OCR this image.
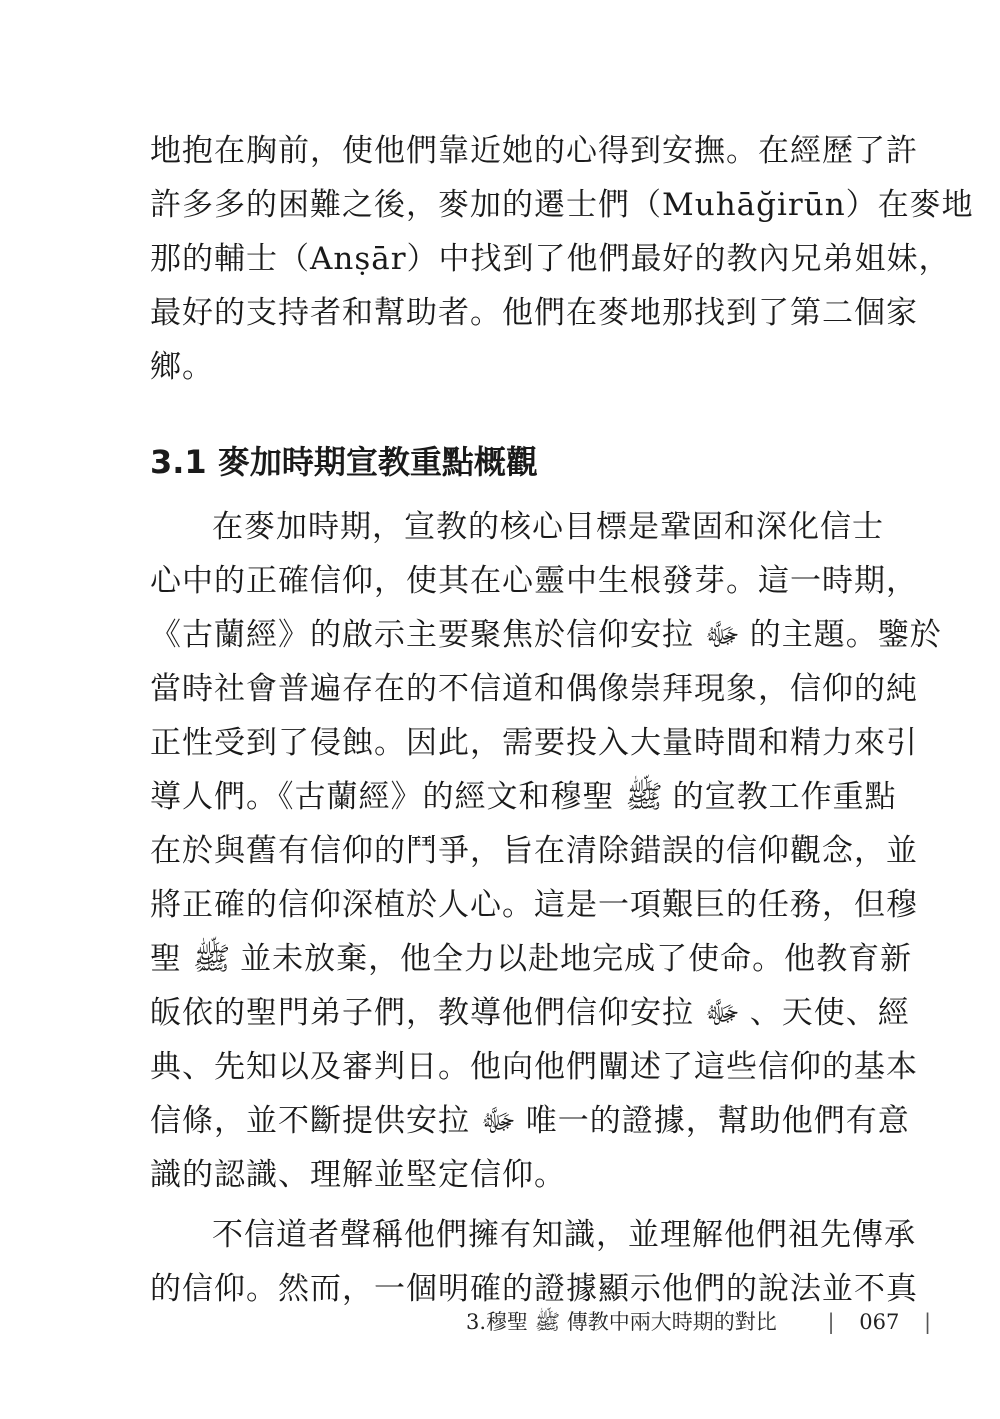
地抱在胸前，使他們靠近她的心得到安撫。在經歷了許
許多多的困難之後，麥加的遷士們（Muhāğirūn）在麥地
那的輔士（Anṣār）中找到了他們最好的教內兄弟姐妹，
最好的支持者和幫助者。他們在麥地那找到了第二個家
鄉。
3.1 麥加時期宣教重點概觀
在麥加時期，宣教的核心目標是鞏固和深化信士
心中的正確信仰，使其在心靈中生根發芽。這一時期，
《古蘭經》的啟示主要聚焦於信仰安拉 ﷻ 的主題。鑒於
當時社會普遍存在的不信道和偶像崇拜現象，信仰的純
正性受到了侵蝕。因此，需要投入大量時間和精力來引
導人們。《古蘭經》的經文和穆聖 ﷺ 的宣教工作重點
在於與舊有信仰的鬥爭，旨在清除錯誤的信仰觀念，並
將正確的信仰深植於人心。這是一項艱巨的任務，但穆
聖 ﷺ 並未放棄，他全力以赴地完成了使命。他教育新
皈依的聖門弟子們，教導他們信仰安拉 ﷻ 、天使、經
典、先知以及審判日。他向他們闡述了這些信仰的基本
信條，並不斷提供安拉 ﷻ 唯一的證據，幫助他們有意
識的認識、理解並堅定信仰。
不信道者聲稱他們擁有知識，並理解他們祖先傳承
的信仰。然而，一個明確的證據顯示他們的說法並不真
3.穆聖 ﷺ 傳教中兩大時期的對比 | 067 |
